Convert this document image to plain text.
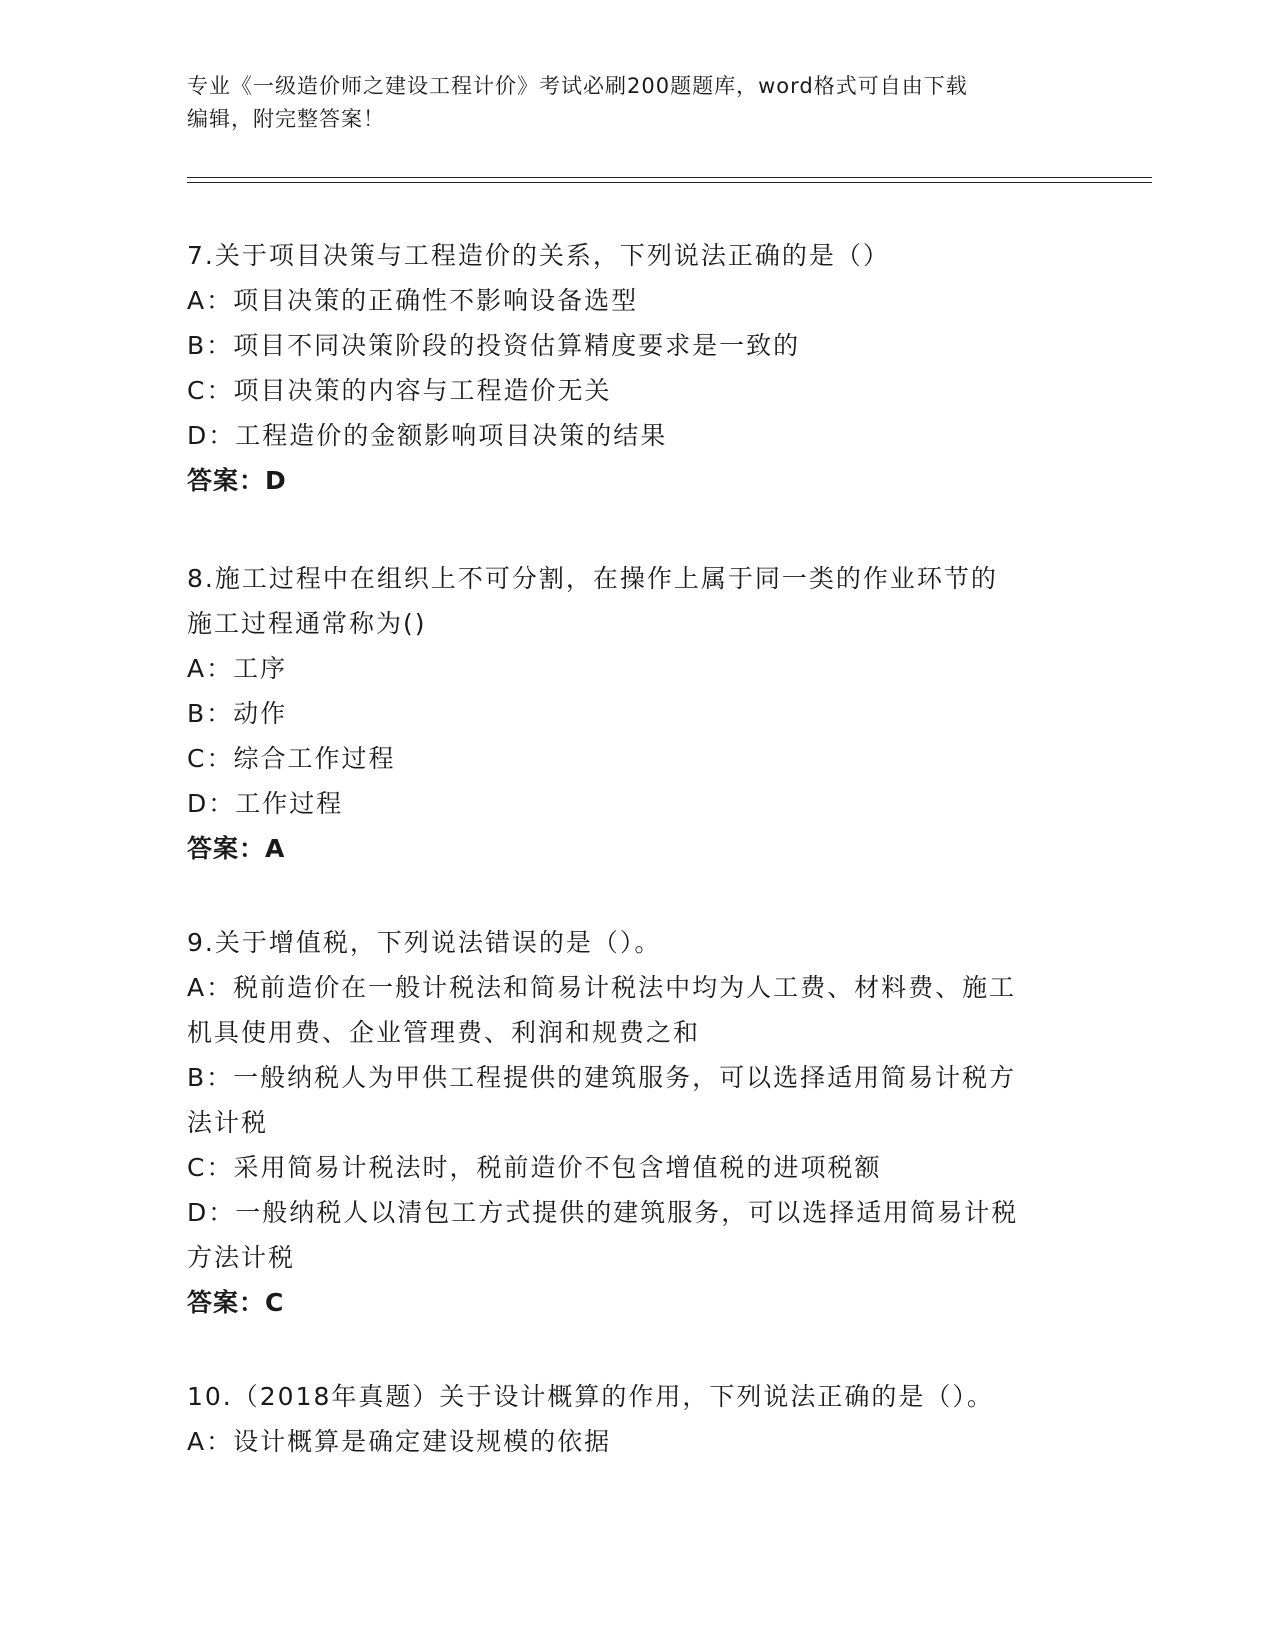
专业《一级造价师之建设工程计价》考试必刷200题题库，word格式可自由下载
编辑，附完整答案！

7.关于项目决策与工程造价的关系，下列说法正确的是（）

A：项目决策的正确性不影响设备选型

B：项目不同决策阶段的投资估算精度要求是一致的

C：项目决策的内容与工程造价无关

D：工程造价的金额影响项目决策的结果

答案：D

8.施工过程中在组织上不可分割，在操作上属于同一类的作业环节的

施工过程通常称为()

A：工序

B：动作

C：综合工作过程

D：工作过程

答案：A

9.关于增值税，下列说法错误的是（）。

A：税前造价在一般计税法和简易计税法中均为人工费、材料费、施工

机具使用费、企业管理费、利润和规费之和

B：一般纳税人为甲供工程提供的建筑服务，可以选择适用简易计税方

法计税

C：采用简易计税法时，税前造价不包含增值税的进项税额

D：一般纳税人以清包工方式提供的建筑服务，可以选择适用简易计税

方法计税

答案：C

10.（2018年真题）关于设计概算的作用，下列说法正确的是（）。

A：设计概算是确定建设规模的依据
